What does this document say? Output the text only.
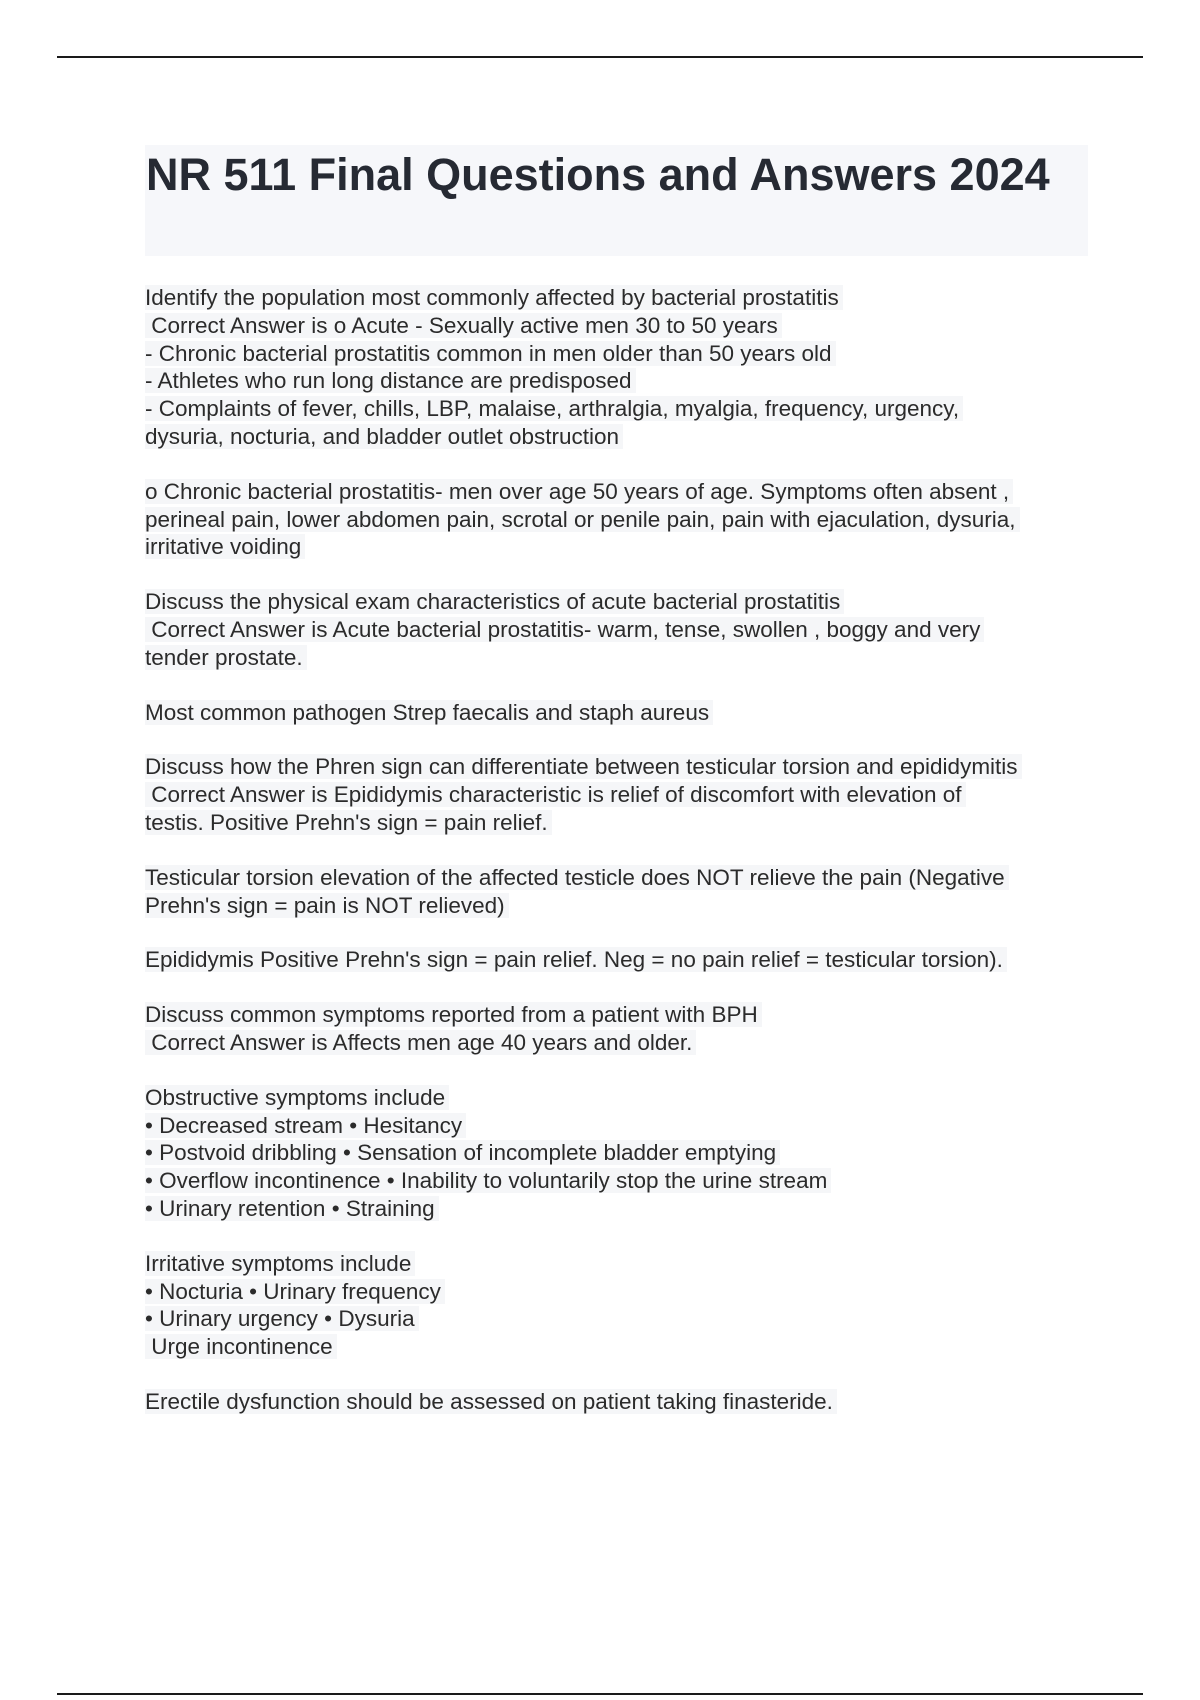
NR 511 Final Questions and Answers 2024
Identify the population most commonly affected by bacterial prostatitis
Correct Answer is o Acute - Sexually active men 30 to 50 years
- Chronic bacterial prostatitis common in men older than 50 years old
- Athletes who run long distance are predisposed
- Complaints of fever, chills, LBP, malaise, arthralgia, myalgia, frequency, urgency,
dysuria, nocturia, and bladder outlet obstruction
o Chronic bacterial prostatitis- men over age 50 years of age. Symptoms often absent ,
perineal pain, lower abdomen pain, scrotal or penile pain, pain with ejaculation, dysuria,
irritative voiding
Discuss the physical exam characteristics of acute bacterial prostatitis
Correct Answer is Acute bacterial prostatitis- warm, tense, swollen , boggy and very
tender prostate.
Most common pathogen Strep faecalis and staph aureus
Discuss how the Phren sign can differentiate between testicular torsion and epididymitis
Correct Answer is Epididymis characteristic is relief of discomfort with elevation of
testis. Positive Prehn's sign = pain relief.
Testicular torsion elevation of the affected testicle does NOT relieve the pain (Negative
Prehn's sign = pain is NOT relieved)
Epididymis Positive Prehn's sign = pain relief. Neg = no pain relief = testicular torsion).
Discuss common symptoms reported from a patient with BPH
Correct Answer is Affects men age 40 years and older.
Obstructive symptoms include
• Decreased stream • Hesitancy
• Postvoid dribbling • Sensation of incomplete bladder emptying
• Overflow incontinence • Inability to voluntarily stop the urine stream
• Urinary retention • Straining
Irritative symptoms include
• Nocturia • Urinary frequency
• Urinary urgency • Dysuria
Urge incontinence
Erectile dysfunction should be assessed on patient taking finasteride.
